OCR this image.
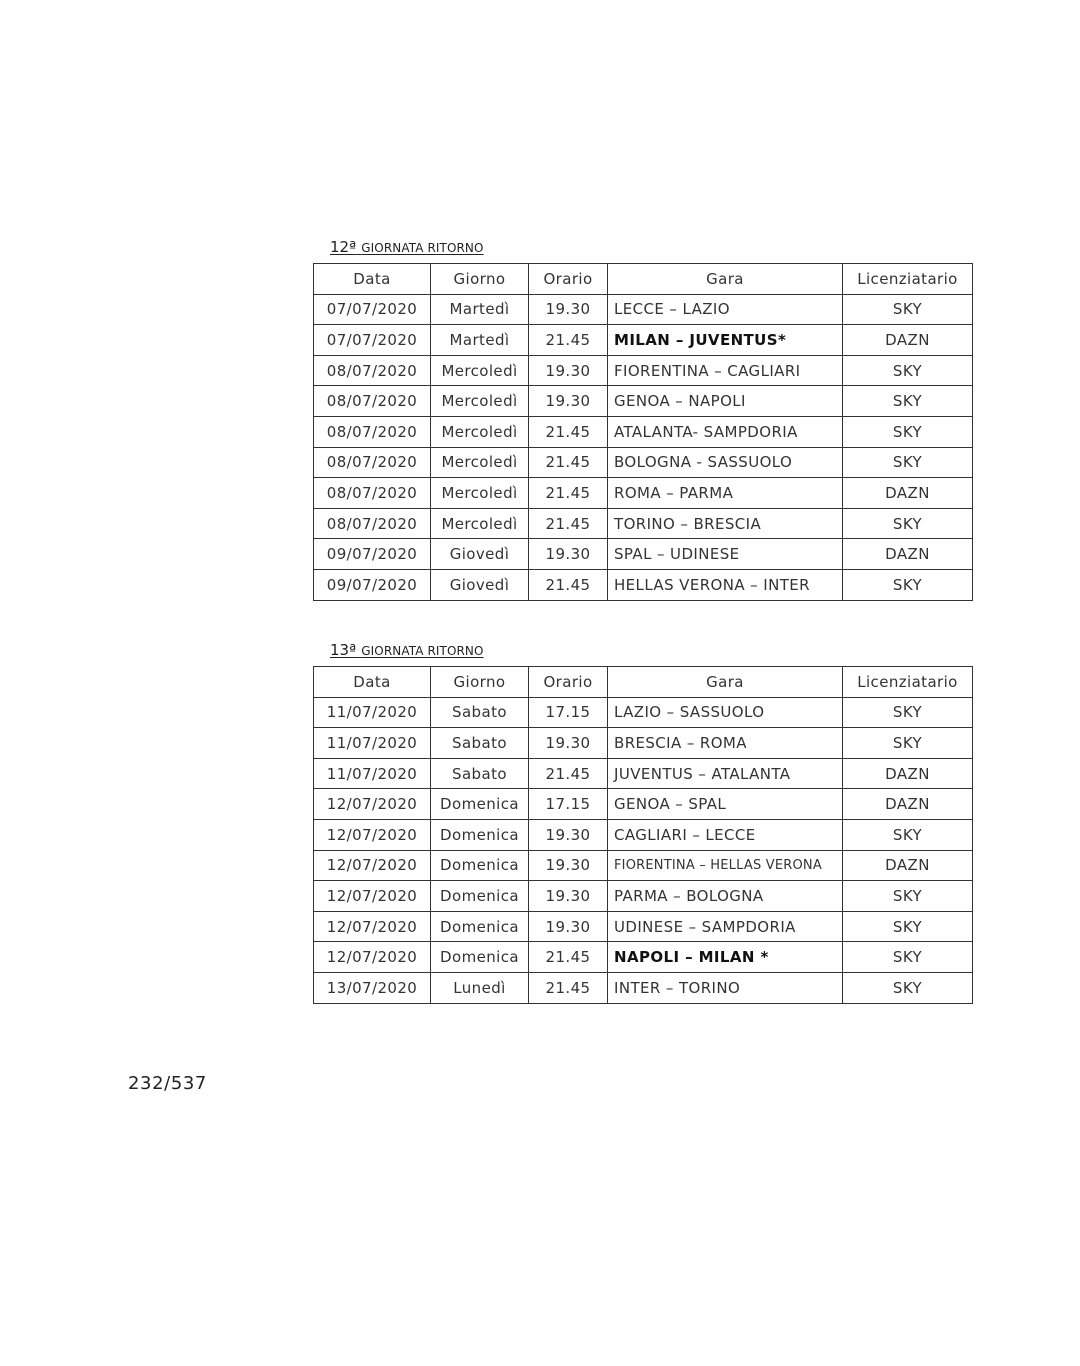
12ª GIORNATA RITORNO
Data	Giorno	Orario	Gara	Licenziatario
07/07/2020	Martedì	19.30	LECCE – LAZIO	SKY
07/07/2020	Martedì	21.45	MILAN – JUVENTUS*	DAZN
08/07/2020	Mercoledì	19.30	FIORENTINA – CAGLIARI	SKY
08/07/2020	Mercoledì	19.30	GENOA – NAPOLI	SKY
08/07/2020	Mercoledì	21.45	ATALANTA- SAMPDORIA	SKY
08/07/2020	Mercoledì	21.45	BOLOGNA - SASSUOLO	SKY
08/07/2020	Mercoledì	21.45	ROMA – PARMA	DAZN
08/07/2020	Mercoledì	21.45	TORINO – BRESCIA	SKY
09/07/2020	Giovedì	19.30	SPAL – UDINESE	DAZN
09/07/2020	Giovedì	21.45	HELLAS VERONA – INTER	SKY
13ª GIORNATA RITORNO
Data	Giorno	Orario	Gara	Licenziatario
11/07/2020	Sabato	17.15	LAZIO – SASSUOLO	SKY
11/07/2020	Sabato	19.30	BRESCIA – ROMA	SKY
11/07/2020	Sabato	21.45	JUVENTUS – ATALANTA	DAZN
12/07/2020	Domenica	17.15	GENOA – SPAL	DAZN
12/07/2020	Domenica	19.30	CAGLIARI – LECCE	SKY
12/07/2020	Domenica	19.30	FIORENTINA – HELLAS VERONA	DAZN
12/07/2020	Domenica	19.30	PARMA – BOLOGNA	SKY
12/07/2020	Domenica	19.30	UDINESE – SAMPDORIA	SKY
12/07/2020	Domenica	21.45	NAPOLI – MILAN *	SKY
13/07/2020	Lunedì	21.45	INTER – TORINO	SKY
232/537
